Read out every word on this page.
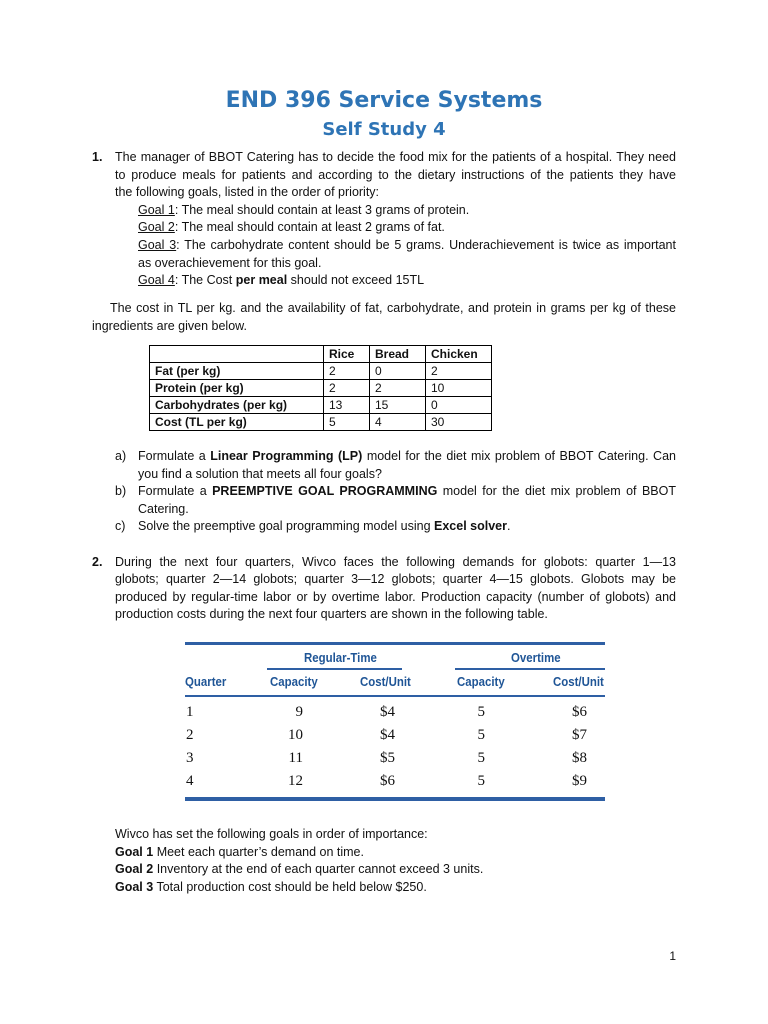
END 396 Service Systems
Self Study 4
1. The manager of BBOT Catering has to decide the food mix for the patients of a hospital. They need
to produce meals for patients and according to the dietary instructions of the patients they have
the following goals, listed in the order of priority:
Goal 1: The meal should contain at least 3 grams of protein.
Goal 2: The meal should contain at least 2 grams of fat.
Goal 3: The carbohydrate content should be 5 grams. Underachievement is twice as important
as overachievement for this goal.
Goal 4: The Cost per meal should not exceed 15TL
The cost in TL per kg. and the availability of fat, carbohydrate, and protein in grams per kg of these
ingredients are given below.
	Rice	Bread	Chicken
Fat (per kg)	2	0	2
Protein (per kg)	2	2	10
Carbohydrates (per kg)	13	15	0
Cost (TL per kg)	5	4	30
a) Formulate a Linear Programming (LP) model for the diet mix problem of BBOT Catering. Can
you find a solution that meets all four goals?
b) Formulate a PREEMPTIVE GOAL PROGRAMMING model for the diet mix problem of BBOT
Catering.
c) Solve the preemptive goal programming model using Excel solver.
2. During the next four quarters, Wivco faces the following demands for globots: quarter 1—13
globots; quarter 2—14 globots; quarter 3—12 globots; quarter 4—15 globots. Globots may be
produced by regular-time labor or by overtime labor. Production capacity (number of globots) and
production costs during the next four quarters are shown in the following table.
Regular-Time	Overtime
Quarter	Capacity	Cost/Unit	Capacity	Cost/Unit
1	9	$4	5	$6
2	10	$4	5	$7
3	11	$5	5	$8
4	12	$6	5	$9
Wivco has set the following goals in order of importance:
Goal 1 Meet each quarter’s demand on time.
Goal 2 Inventory at the end of each quarter cannot exceed 3 units.
Goal 3 Total production cost should be held below $250.
1
